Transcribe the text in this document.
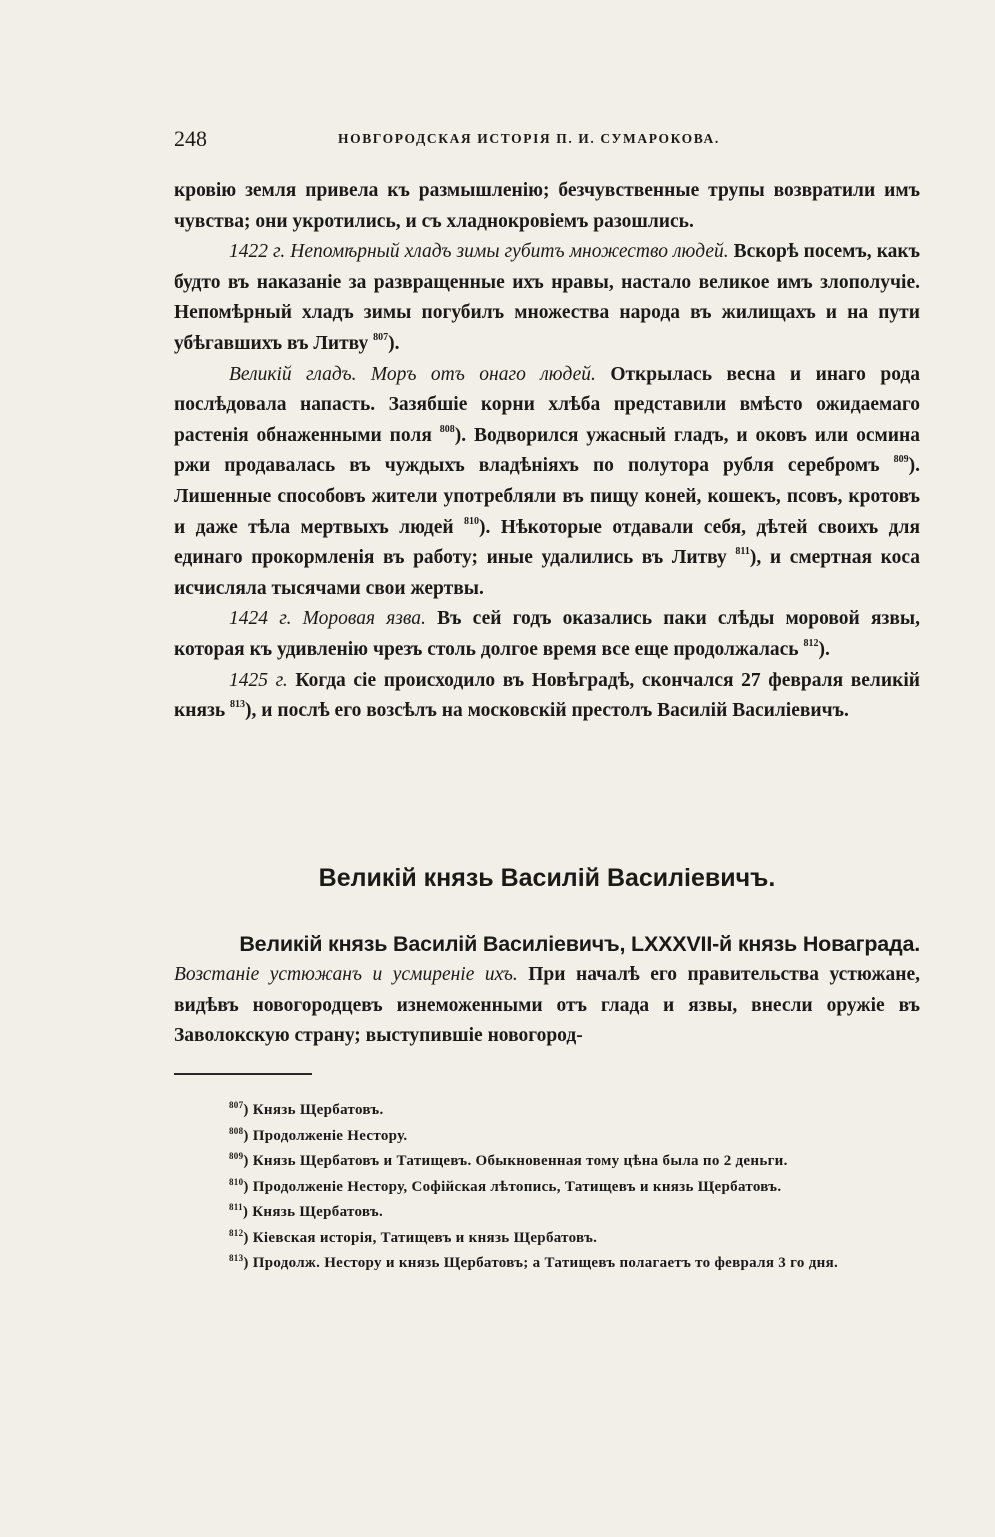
248	НОВГОРОДСКАЯ ИСТОРІЯ П. И. СУМАРОКОВА.

кровію земля привела къ размышленію; безчувственные трупы возвратили имъ чувства; они укротились, и съ хладнокровіемъ разошлись.

1422 г. Непомѣрный хладъ зимы губитъ множество людей. Вскорѣ посемъ, какъ будто въ наказаніе за развращенные ихъ нравы, настало великое имъ злополучіе. Непомѣрный хладъ зимы погубилъ множества народа въ жилищахъ и на пути убѣгавшихъ въ Литву $^{807}$).

Великій гладъ. Моръ отъ онаго людей. Открылась весна и инаго рода послѣдовала напасть. Зазябшіе корни хлѣба представили вмѣсто ожидаемаго растенія обнаженными поля $^{808}$). Водворился ужасный гладъ, и оковъ или осмина ржи продавалась въ чуждыхъ владѣніяхъ по полутора рубля серебромъ $^{809}$). Лишенные способовъ жители употребляли въ пищу коней, кошекъ, псовъ, кротовъ и даже тѣла мертвыхъ людей $^{810}$). Нѣкоторые отдавали себя, дѣтей своихъ для единаго прокормленія въ работу; иные удалились въ Литву $^{811}$), и смертная коса исчисляла тысячами свои жертвы.

1424 г. Моровая язва. Въ сей годъ оказались паки слѣды моровой язвы, которая къ удивленію чрезъ столь долгое время все еще продолжалась $^{812}$).

1425 г. Когда сіе происходило въ Новѣградѣ, скончался 27 февраля великій князь $^{813}$), и послѣ его возсѣлъ на московскій престолъ Василій Василіевичъ.

Великій князь Василій Василіевичъ.
Великій князь Василій Василіевичъ, LXXXVII-й князь Новаграда.
Возстаніе устюжанъ и усмиреніе ихъ. При началѣ его правительства устюжане, видѣвъ новогородцевъ изнеможенными отъ глада и язвы, внесли оружіе въ Заволокскую страну; выступившіе новогород-
$^{807}$) Князь Щербатовъ.
$^{808}$) Продолженіе Нестору.
$^{809}$) Князь Щербатовъ и Татищевъ. Обыкновенная тому цѣна была по 2 деньги.
$^{810}$) Продолженіе Нестору, Софійская лѣтопись, Татищевъ и князь Щербатовъ.
$^{811}$) Князь Щербатовъ.
$^{812}$) Кіевская исторія, Татищевъ и князь Щербатовъ.
$^{813}$) Продолж. Нестору и князь Щербатовъ; а Татищевъ полагаетъ то февраля 3 го дня.
